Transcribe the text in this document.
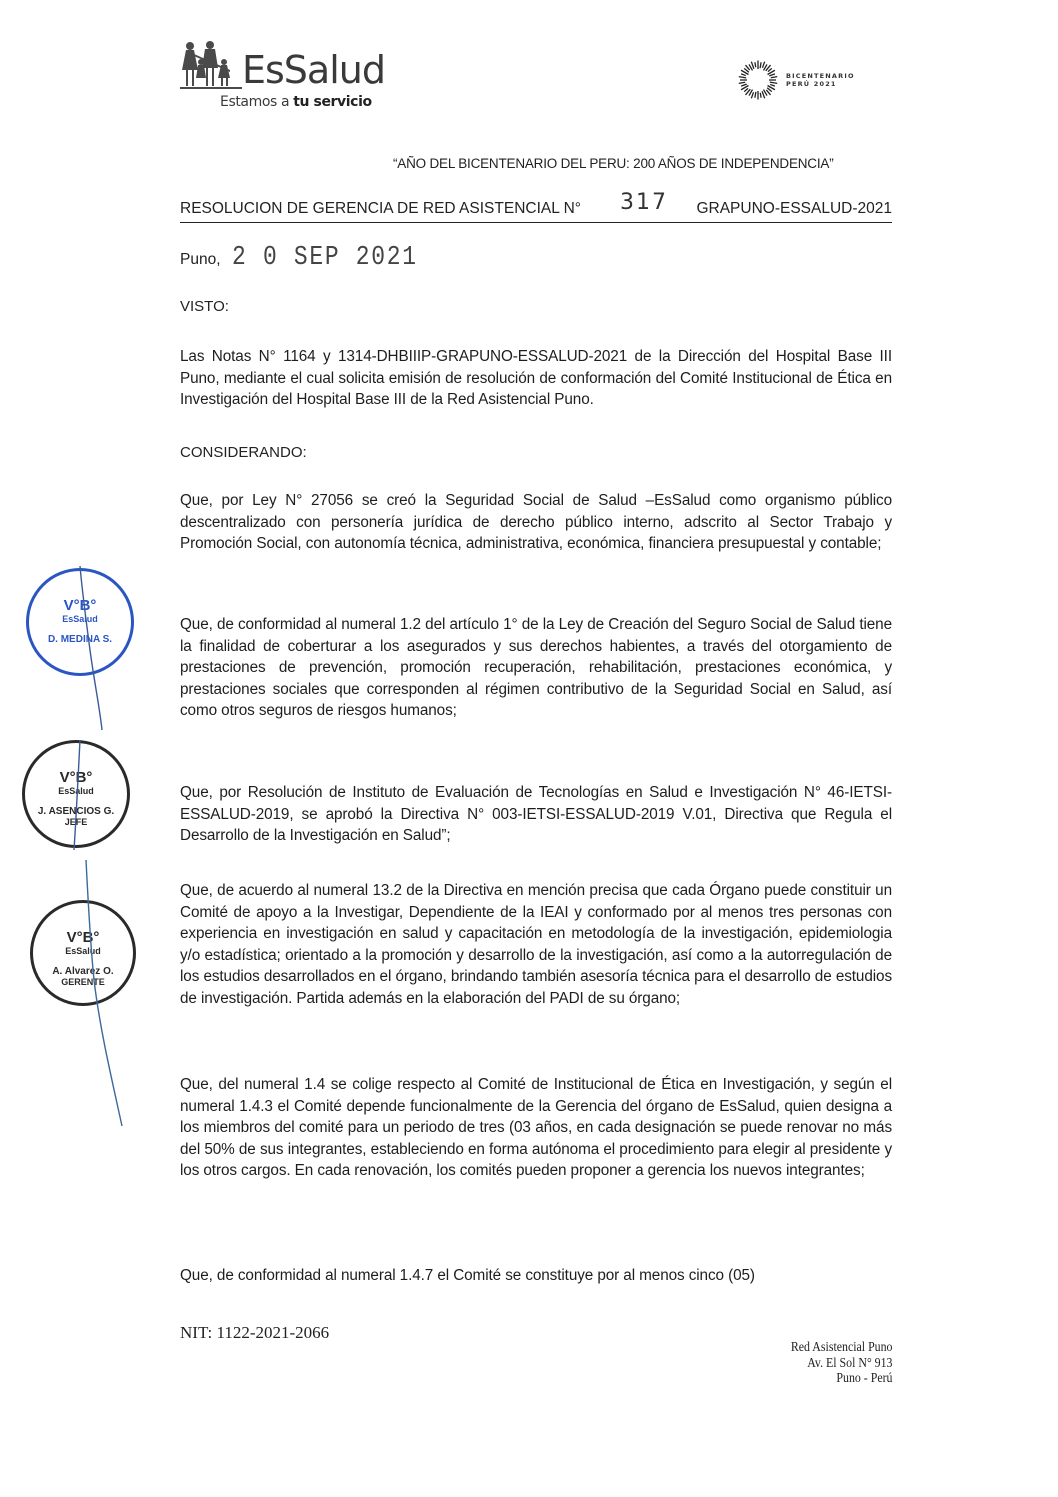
EsSalud
Estamos a tu servicio
BICENTENARIO
PERÚ 2021
“AÑO DEL BICENTENARIO DEL PERU: 200 AÑOS DE INDEPENDENCIA”
RESOLUCION DE GERENCIA DE RED ASISTENCIAL N° 317 GRAPUNO-ESSALUD-2021
Puno, 2 0 SEP 2021
VISTO:
Las Notas N° 1164 y 1314-DHBIIIP-GRAPUNO-ESSALUD-2021 de la Dirección del Hospital Base III Puno, mediante el cual solicita emisión de resolución de conformación del Comité Institucional de Ética en Investigación del Hospital Base III de la Red Asistencial Puno.
CONSIDERANDO:
Que, por Ley N° 27056 se creó la Seguridad Social de Salud –EsSalud como organismo público descentralizado con personería jurídica de derecho público interno, adscrito al Sector Trabajo y Promoción Social, con autonomía técnica, administrativa, económica, financiera presupuestal y contable;
Que, de conformidad al numeral 1.2 del artículo 1° de la Ley de Creación del Seguro Social de Salud tiene la finalidad de coberturar a los asegurados y sus derechos habientes, a través del otorgamiento de prestaciones de prevención, promoción recuperación, rehabilitación, prestaciones económica, y prestaciones sociales que corresponden al régimen contributivo de la Seguridad Social en Salud, así como otros seguros de riesgos humanos;
Que, por Resolución de Instituto de Evaluación de Tecnologías en Salud e Investigación N° 46-IETSI-ESSALUD-2019, se aprobó la Directiva N° 003-IETSI-ESSALUD-2019 V.01, Directiva que Regula el Desarrollo de la Investigación en Salud”;
Que, de acuerdo al numeral 13.2 de la Directiva en mención precisa que cada Órgano puede constituir un Comité de apoyo a la Investigar, Dependiente de la IEAI y conformado por al menos tres personas con experiencia en investigación en salud y capacitación en metodología de la investigación, epidemiologia y/o estadística; orientado a la promoción y desarrollo de la investigación, así como a la autorregulación de los estudios desarrollados en el órgano, brindando también asesoría técnica para el desarrollo de estudios de investigación. Partida además en la elaboración del PADI de su órgano;
Que, del numeral 1.4 se colige respecto al Comité de Institucional de Ética en Investigación, y según el numeral 1.4.3 el Comité depende funcionalmente de la Gerencia del órgano de EsSalud, quien designa a los miembros del comité para un periodo de tres (03 años, en cada designación se puede renovar no más del 50% de sus integrantes, estableciendo en forma autónoma el procedimiento para elegir al presidente y los otros cargos. En cada renovación, los comités pueden proponer a gerencia los nuevos integrantes;
Que, de conformidad al numeral 1.4.7 el Comité se constituye por al menos cinco (05)
V°B°
EsSalud
D. MEDINA S.
V°B°
EsSalud
J. ASENCIOS G.
JEFE
V°B°
EsSalud
A. Alvarez O.
GERENTE
NIT: 1122-2021-2066
Red Asistencial Puno
Av. El Sol N° 913
Puno - Perú
